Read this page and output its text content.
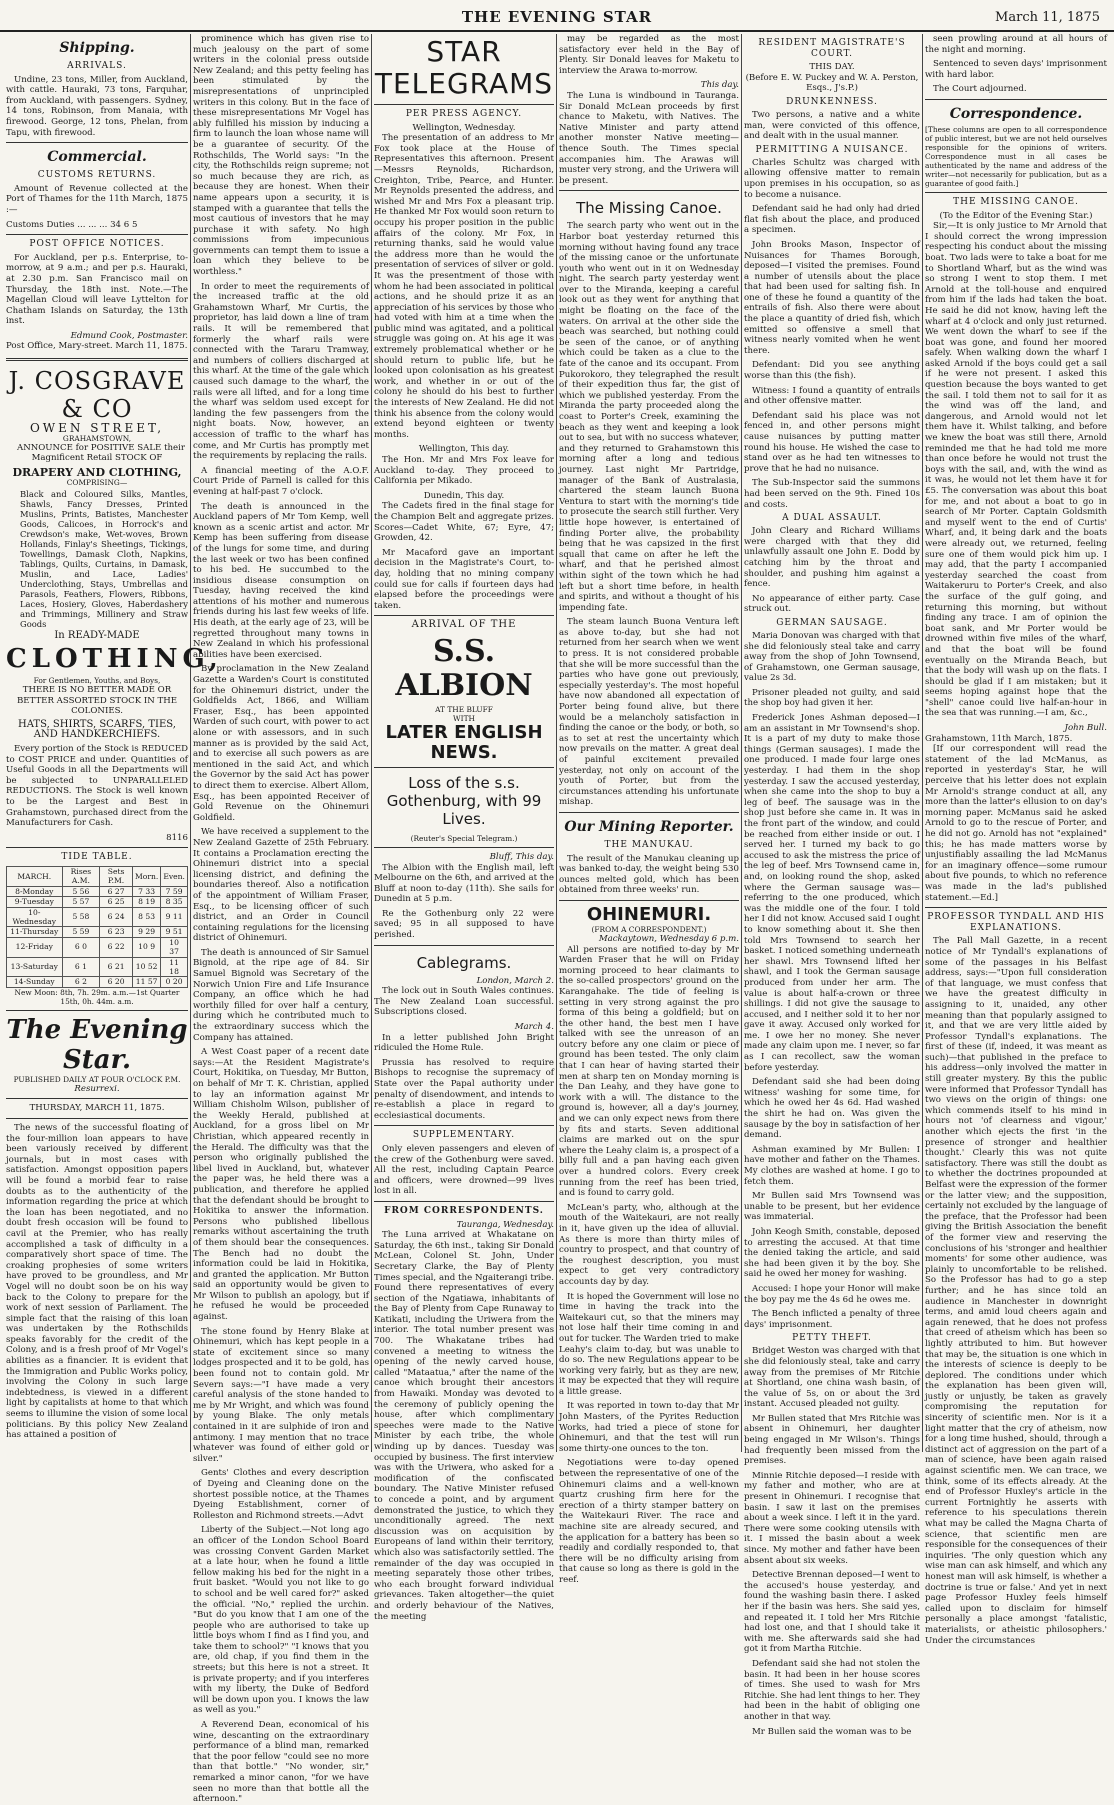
THE EVENING STAR	March 11, 1875
Shipping.
ARRIVALS.

Undine, 23 tons, Miller, from Auckland, with cattle. Hauraki, 73 tons, Farquhar, from Auckland, with passengers. Sydney, 14 tons, Robinson, from Manaia, with firewood. George, 12 tons, Phelan, from Tapu, with firewood.

Commercial.
CUSTOMS RETURNS.

Amount of Revenue collected at the Port of Thames for the 11th March, 1875 :—

Customs Duties ... ... ... 34 6 5
POST OFFICE NOTICES.

For Auckland, per p.s. Enterprise, to-morrow, at 9 a.m.; and per p.s. Hauraki, at 2.30 p.m. San Francisco mail on Thursday, the 18th inst. Note.—The Magellan Cloud will leave Lyttelton for Chatham Islands on Saturday, the 13th inst.

Edmund Cook, Postmaster.
Post Office, Mary-street. March 11, 1875.
J. COSGRAVE & CO
OWEN STREET,
GRAHAMSTOWN,

ANNOUNCE for POSITIVE SALE their Magnificent Retail STOCK OF

DRAPERY AND CLOTHING,
COMPRISING—
Black and Coloured Silks, Mantles, Shawls, Fancy Dresses, Printed Muslins, Prints, Batistes, Manchester Goods, Calicoes, in Horrock's and Crewdson's make, Wet-woves, Brown Hollands, Finlay's Sheetings, Tickings, Towellings, Damask Cloth, Napkins, Tablings, Quilts, Curtains, in Damask, Muslin, and Lace, Ladies' Underclothing, Stays, Umbrellas and Parasols, Feathers, Flowers, Ribbons, Laces, Hosiery, Gloves, Haberdashery and Trimmings, Millinery and Straw Goods
In READY-MADE
CLOTHING,
For Gentlemen, Youths, and Boys,
THERE IS NO BETTER MADE OR BETTER ASSORTED STOCK IN THE COLONIES.
HATS, SHIRTS, SCARFS, TIES, AND HANDKERCHIEFS.

Every portion of the Stock is REDUCED to COST PRICE and under. Quantities of Useful Goods in all the Departments will be subjected to UNPARALLELED REDUCTIONS. The Stock is well known to be the Largest and Best in Grahamstown, purchased direct from the Manufacturers for Cash.

8116
TIDE TABLE.
MARCH.	Rises A.M.	Sets P.M.	Morn.	Even.
8-Monday	5 56	6 27	7 33	7 59
9-Tuesday	5 57	6 25	8 19	8 35
10-Wednesday	5 58	6 24	8 53	9 11
11-Thursday	5 59	6 23	9 29	9 51
12-Friday	6 0	6 22	10 9	10 37
13-Saturday	6 1	6 21	10 52	11 18
14-Sunday	6 2	6 20	11 57	0 20
New Moon: 8th, 7h. 29m. a.m.—1st Quarter 15th, 0h. 44m. a.m.
The Evening Star.
PUBLISHED DAILY AT FOUR O'CLOCK P.M.
Resurrexi.
THURSDAY, MARCH 11, 1875.

The news of the successful floating of the four-million loan appears to have been variously received by different journals, but in most cases with satisfaction. Amongst opposition papers will be found a morbid fear to raise doubts as to the authenticity of the information regarding the price at which the loan has been negotiated, and no doubt fresh occasion will be found to cavil at the Premier, who has really accomplished a task of difficulty in a comparatively short space of time. The croaking prophesies of some writers have proved to be groundless, and Mr Vogel will no doubt soon be on his way back to the Colony to prepare for the work of next session of Parliament. The simple fact that the raising of this loan was undertaken by the Rothschilds speaks favorably for the credit of the Colony, and is a fresh proof of Mr Vogel's abilities as a financier. It is evident that the Immigration and Public Works policy, involving the Colony in such large indebtedness, is viewed in a different light by capitalists at home to that which seems to illumine the vision of some local politicians. By this policy New Zealand has attained a position of

prominence which has given rise to much jealousy on the part of some writers in the colonial press outside New Zealand; and this petty feeling has been stimulated by the misrepresentations of unprincipled writers in this colony. But in the face of these misrepresentations Mr Vogel has ably fulfilled his mission by inducing a firm to launch the loan whose name will be a guarantee of security. Of the Rothschilds, The World says: "In the city, the Rothschilds reign supreme; not so much because they are rich, as because they are honest. When their name appears upon a security, it is stamped with a guarantee that tells the most cautious of investors that he may purchase it with safety. No high commissions from impecunious governments can tempt them to issue a loan which they believe to be worthless."

In order to meet the requirements of the increased traffic at the old Grahamstown Wharf, Mr Curtis, the proprietor, has laid down a line of tram rails. It will be remembered that formerly the wharf rails were connected with the Tararu Tramway, and numbers of colliers discharged at this wharf. At the time of the gale which caused such damage to the wharf, the rails were all lifted, and for a long time the wharf was seldom used except for landing the few passengers from the night boats. Now, however, an accession of traffic to the wharf has come, and Mr Curtis has promptly met the requirements by replacing the rails.

A financial meeting of the A.O.F. Court Pride of Parnell is called for this evening at half-past 7 o'clock.

The death is announced in the Auckland papers of Mr Tom Kemp, well known as a scenic artist and actor. Mr Kemp has been suffering from disease of the lungs for some time, and during the last week or two has been confined to his bed. He succumbed to the insidious disease consumption on Tuesday, having received the kind attentions of his mother and numerous friends during his last few weeks of life. His death, at the early age of 23, will be regretted throughout many towns in New Zealand in which his professional abilities have been exercised.

By proclamation in the New Zealand Gazette a Warden's Court is constituted for the Ohinemuri district, under the Goldfields Act, 1866, and William Fraser, Esq., has been appointed Warden of such court, with power to act alone or with assessors, and in such manner as is provided by the said Act, and to exercise all such powers as are mentioned in the said Act, and which the Governor by the said Act has power to direct them to exercise. Albert Allom, Esq., has been appointed Receiver of Gold Revenue on the Ohinemuri Goldfield.

We have received a supplement to the New Zealand Gazette of 25th February. It contains a Proclamation erecting the Ohinemuri district into a special licensing district, and defining the boundaries thereof. Also a notification of the appointment of William Fraser, Esq., to be licensing officer of such district, and an Order in Council containing regulations for the licensing district of Ohinemuri.

The death is announced of Sir Samuel Bignold, at the ripe age of 84. Sir Samuel Bignold was Secretary of the Norwich Union Fire and Life Insurance Company, an office which he had worthily filled for over half a century, during which he contributed much to the extraordinary success which the Company has attained.

A West Coast paper of a recent date says:—At the Resident Magistrate's Court, Hokitika, on Tuesday, Mr Button, on behalf of Mr T. K. Christian, applied to lay an information against Mr William Chisholm Wilson, publisher of the Weekly Herald, published at Auckland, for a gross libel on Mr Christian, which appeared recently in the Herald. The difficulty was that the person who originally published the libel lived in Auckland, but, whatever the paper was, he held there was a publication, and therefore he applied that the defendant should be brought to Hokitika to answer the information. Persons who published libellous remarks without ascertaining the truth of them should bear the consequences. The Bench had no doubt the information could be laid in Hokitika, and granted the application. Mr Button said an opportunity would be given to Mr Wilson to publish an apology, but if he refused he would be proceeded against.

The stone found by Henry Blake at Ohinemuri, which has kept people in a state of excitement since so many lodges prospected and it to be gold, has been found not to contain gold. Mr Severn says:—"I have made a very careful analysis of the stone handed to me by Mr Wright, and which was found by young Blake. The only metals contained in it are sulphide of iron and antimony. I may mention that no trace whatever was found of either gold or silver."

Gents' Clothes and every description of Dyeing and Cleaning done on the shortest possible notice, at the Thames Dyeing Establishment, corner of Rolleston and Richmond streets.—Advt

Liberty of the Subject.—Not long ago an officer of the London School Board was crossing Convent Garden Market at a late hour, when he found a little fellow making his bed for the night in a fruit basket. "Would you not like to go to school and be well cared for?" asked the official. "No," replied the urchin. "But do you know that I am one of the people who are authorised to take up little boys whom I find as I find you, and take them to school?" "I knows that you are, old chap, if you find them in the streets; but this here is not a street. It is private property; and if you interferes with my liberty, the Duke of Bedford will be down upon you. I knows the law as well as you."

A Reverend Dean, economical of his wine, descanting on the extraordinary performance of a blind man, remarked that the poor fellow "could see no more than that bottle." "No wonder, sir," remarked a minor canon, "for we have seen no more than that bottle all the afternoon."

STAR TELEGRAMS
PER PRESS AGENCY.
Wellington, Wednesday.

The presentation of an address to Mr Fox took place at the House of Representatives this afternoon. Present—Messrs Reynolds, Richardson, Creighton, Tribe, Pearce, and Hunter. Mr Reynolds presented the address, and wished Mr and Mrs Fox a pleasant trip. He thanked Mr Fox would soon return to occupy his proper position in the public affairs of the colony. Mr Fox, in returning thanks, said he would value the address more than he would the presentation of services of silver or gold. It was the presentment of those with whom he had been associated in political actions, and he should prize it as an appreciation of his services by those who had voted with him at a time when the public mind was agitated, and a political struggle was going on. At his age it was extremely problematical whether or he should return to public life, but he looked upon colonisation as his greatest work, and whether in or out of the colony he should do his best to further the interests of New Zealand. He did not think his absence from the colony would extend beyond eighteen or twenty months.

Wellington, This day.

The Hon. Mr and Mrs Fox leave for Auckland to-day. They proceed to California per Mikado.

Dunedin, This day.

The Cadets fired in the final stage for the Champion Belt and aggregate prizes. Scores—Cadet White, 67; Eyre, 47; Growden, 42.

Mr Macaford gave an important decision in the Magistrate's Court, to-day, holding that no mining company could sue for calls if fourteen days had elapsed before the proceedings were taken.

ARRIVAL OF THE
S.S. ALBION
AT THE BLUFF
WITH
LATER ENGLISH NEWS.
Loss of the s.s. Gothenburg, with 99 Lives.
(Reuter's Special Telegram.)
Bluff, This day.

The Albion with the English mail, left Melbourne on the 6th, and arrived at the Bluff at noon to-day (11th). She sails for Dunedin at 5 p.m.

Re the Gothenburg only 22 were saved; 95 in all supposed to have perished.

Cablegrams.
London, March 2.

The lock out in South Wales continues. The New Zealand Loan successful. Subscriptions closed.

March 4.

In a letter published John Bright ridiculed the Home Rule.

Prussia has resolved to require Bishops to recognise the supremacy of State over the Papal authority under penalty of disendowment, and intends to re-establish a place in regard to ecclesiastical documents.

SUPPLEMENTARY.

Only eleven passengers and eleven of the crew of the Gothenburg were saved. All the rest, including Captain Pearce and officers, were drowned—99 lives lost in all.

FROM CORRESPONDENTS.
Tauranga, Wednesday.

The Luna arrived at Whakatane on Saturday, the 6th inst., taking Sir Donald McLean, Colonel St. John, Under Secretary Clarke, the Bay of Plenty Times special, and the Ngaiterangi tribe. Found there representatives of every section of the Ngatiawa, inhabitants of the Bay of Plenty from Cape Runaway to Katikati, including the Uriwera from the interior. The total number present was 700. The Whakatane tribes had convened a meeting to witness the opening of the newly carved house, called "Mataatua," after the name of the canoe which brought their ancestors from Hawaiki. Monday was devoted to the ceremony of publicly opening the house, after which complimentary speeches were made to the Native Minister by each tribe, the whole winding up by dances. Tuesday was occupied by business. The first interview was with the Uriwera, who asked for a modification of the confiscated boundary. The Native Minister refused to concede a point, and by argument demonstrated the justice, to which they unconditionally agreed. The next discussion was on acquisition by Europeans of land within their territory, which also was satisfactorily settled. The remainder of the day was occupied in meeting separately those other tribes, who each brought forward individual grievances. Taken altogether—the quiet and orderly behaviour of the Natives, the meeting

may be regarded as the most satisfactory ever held in the Bay of Plenty. Sir Donald leaves for Maketu to interview the Arawa to-morrow.

This day.

The Luna is windbound in Tauranga. Sir Donald McLean proceeds by first chance to Maketu, with Natives. The Native Minister and party attend another monster Native meeting—thence South. The Times special accompanies him. The Arawas will muster very strong, and the Uriwera will be present.

The Missing Canoe.

The search party who went out in the Harbor boat yesterday returned this morning without having found any trace of the missing canoe or the unfortunate youth who went out in it on Wednesday night. The search party yesterday went over to the Miranda, keeping a careful look out as they went for anything that might be floating on the face of the waters. On arrival at the other side the beach was searched, but nothing could be seen of the canoe, or of anything which could be taken as a clue to the fate of the canoe and its occupant. From Pukorokoro, they telegraphed the result of their expedition thus far, the gist of which we published yesterday. From the Miranda the party proceeded along the coast to Porter's Creek, examining the beach as they went and keeping a look out to sea, but with no success whatever, and they returned to Grahamstown this morning after a long and tedious journey. Last night Mr Partridge, manager of the Bank of Australasia, chartered the steam launch Buona Ventura to start with the morning's tide to prosecute the search still further. Very little hope however, is entertained of finding Porter alive, the probability being that he was capsized in the first squall that came on after he left the wharf, and that he perished almost within sight of the town which he had left but a short time before, in health and spirits, and without a thought of his impending fate.

The steam launch Buona Ventura left as above to-day, but she had not returned from her search when we went to press. It is not considered probable that she will be more successful than the parties who have gone out previously, especially yesterday's. The most hopeful have now abandoned all expectation of Porter being found alive, but there would be a melancholy satisfaction in finding the canoe or the body, or both, so as to set at rest the uncertainty which now prevails on the matter. A great deal of painful excitement prevailed yesterday, not only on account of the youth of Porter, but from the circumstances attending his unfortunate mishap.

Our Mining Reporter.
THE MANUKAU.

The result of the Manukau cleaning up was banked to-day, the weight being 530 ounces melted gold, which has been obtained from three weeks' run.

OHINEMURI.
(FROM A CORRESPONDENT.)
Mackaytown, Wednesday 6 p.m.

All persons are notified to-day by Mr Warden Fraser that he will on Friday morning proceed to hear claimants to the so-called prospectors' ground on the Karangahake. The tide of feeling is setting in very strong against the pro forma of this being a goldfield; but on the other hand, the best men I have talked with see the unreason of an outcry before any one claim or piece of ground has been tested. The only claim that I can hear of having started their men at sharp ten on Monday morning is the Dan Leahy, and they have gone to work with a will. The distance to the ground is, however, all a day's journey, and we can only expect news from there by fits and starts. Seven additional claims are marked out on the spur where the Leahy claim is, a prospect of a billy full and a pan having each given over a hundred colors. Every creek running from the reef has been tried, and is found to carry gold.

McLean's party, who, although at the mouth of the Waitekauri, are not really in it, have given up the idea of alluvial. As there is more than thirty miles of country to prospect, and that country of the roughest description, you must expect to get very contradictory accounts day by day.

It is hoped the Government will lose no time in having the track into the Waitekauri cut, so that the miners may not lose half their time coming in and out for tucker. The Warden tried to make Leahy's claim to-day, but was unable to do so. The new Regulations appear to be working very fairly, but as they are new, it may be expected that they will require a little grease.

It was reported in town to-day that Mr John Masters, of the Pyrites Reduction Works, had tried a piece of stone for Ohinemuri, and that the test will run some thirty-one ounces to the ton.

Negotiations were to-day opened between the representative of one of the Ohinemuri claims and a well-known quartz crushing firm here for the erection of a thirty stamper battery on the Waitekauri River. The race and machine site are already secured, and the application for a battery has been so readily and cordially responded to, that there will be no difficulty arising from that cause so long as there is gold in the reef.

RESIDENT MAGISTRATE'S COURT.
THIS DAY.
(Before E. W. Puckey and W. A. Perston, Esqs., J's.P.)
DRUNKENNESS.

Two persons, a native and a white man, were convicted of this offence, and dealt with in the usual manner.

PERMITTING A NUISANCE.

Charles Schultz was charged with allowing offensive matter to remain upon premises in his occupation, so as to become a nuisance.

Defendant said he had only had dried flat fish about the place, and produced a specimen.

John Brooks Mason, Inspector of Nuisances for Thames Borough, deposed—I visited the premises. Found a number of utensils about the place that had been used for salting fish. In one of these he found a quantity of the entrails of fish. Also there were about the place a quantity of dried fish, which emitted so offensive a smell that witness nearly vomited when he went there.

Defendant: Did you see anything worse than this (the fish).

Witness: I found a quantity of entrails and other offensive matter.

Defendant said his place was not fenced in, and other persons might cause nuisances by putting matter round his house. He wished the case to stand over as he had ten witnesses to prove that he had no nuisance.

The Sub-Inspector said the summons had been served on the 9th. Fined 10s and costs.

A DUAL ASSAULT.

John Cleary and Richard Williams were charged with that they did unlawfully assault one John E. Dodd by catching him by the throat and shoulder, and pushing him against a fence.

No appearance of either party. Case struck out.

GERMAN SAUSAGE.

Maria Donovan was charged with that she did feloniously steal take and carry away from the shop of John Townsend, of Grahamstown, one German sausage, value 2s 3d.

Prisoner pleaded not guilty, and said the shop boy had given it her.

Frederick Jones Ashman deposed—I am an assistant in Mr Townsend's shop. It is a part of my duty to make those things (German sausages). I made the one produced. I made four large ones yesterday. I had them in the shop yesterday. I saw the accused yesterday, when she came into the shop to buy a leg of beef. The sausage was in the shop just before she came in. It was in the front part of the window, and could be reached from either inside or out. I served her. I turned my back to go accused to ask the mistress the price of the leg of beef. Mrs Townsend came in, and, on looking round the shop, asked where the German sausage was—referring to the one produced, which was the middle one of the four. I told her I did not know. Accused said I ought to know something about it. She then told Mrs Townsend to search her basket. I noticed something underneath her shawl. Mrs Townsend lifted her shawl, and I took the German sausage produced from under her arm. The value is about half-a-crown or three shillings. I did not give the sausage to accused, and I neither sold it to her nor gave it away. Accused only worked for me. I owe her no money. She never made any claim upon me. I never, so far as I can recollect, saw the woman before yesterday.

Defendant said she had been doing witness' washing for some time, for which he owed her 4s 6d. Had washed the shirt he had on. Was given the sausage by the boy in satisfaction of her demand.

Ashman examined by Mr Bullen: I have mother and father on the Thames. My clothes are washed at home. I go to fetch them.

Mr Bullen said Mrs Townsend was unable to be present, but her evidence was immaterial.

John Keogh Smith, constable, deposed to arresting the accused. At that time the denied taking the article, and said she had been given it by the boy. She said he owed her money for washing.

Accused: I hope your Honor will make the boy pay me the 4s 6d he owes me.

The Bench inflicted a penalty of three days' imprisonment.

PETTY THEFT.

Bridget Weston was charged with that she did feloniously steal, take and carry away from the premises of Mr Ritchie at Shortland, one china wash basin, of the value of 5s, on or about the 3rd instant. Accused pleaded not guilty.

Mr Bullen stated that Mrs Ritchie was absent in Ohinemuri, her daughter being engaged in Mr Wilson's. Things had frequently been missed from the premises.

Minnie Ritchie deposed—I reside with my father and mother, who are at present in Ohinemuri. I recognise that basin. I saw it last on the premises about a week since. I left it in the yard. There were some cooking utensils with it. I missed the basin about a week since. My mother and father have been absent about six weeks.

Detective Brennan deposed—I went to the accused's house yesterday, and found the washing basin there. I asked her if the basin was hers. She said yes, and repeated it. I told her Mrs Ritchie had lost one, and that I should take it with me. She afterwards said she had got it from Martha Ritchie.

Defendant said she had not stolen the basin. It had been in her house scores of times. She used to wash for Mrs Ritchie. She had lent things to her. They had been in the habit of obliging one another in that way.

Mr Bullen said the woman was to be

seen prowling around at all hours of the night and morning.

Sentenced to seven days' imprisonment with hard labor.

The Court adjourned.

Correspondence.
[These columns are open to all correspondence of public interest, but we are not held ourselves responsible for the opinions of writers. Correspondence must in all cases be authenticated by the name and address of the writer—not necessarily for publication, but as a guarantee of good faith.]
THE MISSING CANOE.
(To the Editor of the Evening Star.)

Sir,—It is only justice to Mr Arnold that I should correct the wrong impression respecting his conduct about the missing boat. Two lads were to take a boat for me to Shortland Wharf, but as the wind was so strong I went to stop them. I met Arnold at the toll-house and enquired from him if the lads had taken the boat. He said he did not know, having left the wharf at 4 o'clock and only just returned. We went down the wharf to see if the boat was gone, and found her moored safely. When walking down the wharf I asked Arnold if the boys could get a sail if he were not present. I asked this question because the boys wanted to get the sail. I told them not to sail for it as the wind was off the land, and dangerous, and Arnold would not let them have it. Whilst talking, and before we knew the boat was still there, Arnold reminded me that he had told me more than once before he would not trust the boys with the sail, and, with the wind as it was, he would not let them have it for £5. The conversation was about this boat for me, and not about a boat to go in search of Mr Porter. Captain Goldsmith and myself went to the end of Curtis' Wharf, and, it being dark and the boats were already out, we returned, feeling sure one of them would pick him up. I may add, that the party I accompanied yesterday searched the coast from Waitakeruru to Porter's Creek, and also the surface of the gulf going, and returning this morning, but without finding any trace. I am of opinion the boat sank, and Mr Porter would be drowned within five miles of the wharf, and that the boat will be found eventually on the Miranda Beach, but that the body will wash up on the flats. I should be glad if I am mistaken; but it seems hoping against hope that the "shell" canoe could live half-an-hour in the sea that was running.—I am, &c.,

John Bull.
Grahamstown, 11th March, 1875.

[If our correspondent will read the statement of the lad McManus, as reported in yesterday's Star, he will perceive that his letter does not explain Mr Arnold's strange conduct at all, any more than the latter's ellusion to on day's morning paper. McManus said he asked Arnold to go to the rescue of Porter, and he did not go. Arnold has not "explained" this; he has made matters worse by unjustifiably assailing the lad McManus for an imaginary offence—some rumour about five pounds, to which no reference was made in the lad's published statement.—Ed.]

PROFESSOR TYNDALL AND HIS EXPLANATIONS.

The Pall Mall Gazette, in a recent notice of Mr Tyndall's explanations of some of the passages in his Belfast address, says:—"Upon full consideration of that language, we must confess that we have the greatest difficulty in assigning to it, unaided, any other meaning than that popularly assigned to it, and that we are very little aided by Professor Tyndall's explanations. The first of these (if, indeed, it was meant as such)—that published in the preface to his address—only involved the matter in still greater mystery. By this the public were informed that Professor Tyndall has two views on the origin of things: one which commends itself to his mind in hours not 'of clearness and vigour,' another which ejects the first 'in the presence of stronger and healthier thought.' Clearly this was not quite satisfactory. There was still the doubt as to whether the doctrines propounded at Belfast were the expression of the former or the latter view; and the supposition, certainly not excluded by the language of the preface, that the Professor had been giving the British Association the benefit of the former view and reserving the conclusions of his 'stronger and healthier moments' for some other audience, was plainly to uncomfortable to be relished. So the Professor has had to go a step further; and he has since told an audience in Manchester in downright terms, and amid loud cheers again and again renewed, that he does not profess that creed of atheism which has been so lightly attributed to him. But however that may be, the situation is one which in the interests of science is deeply to be deplored. The conditions under which the explanation has been given will, justly or unjustly, be taken as gravely compromising the reputation for sincerity of scientific men. Nor is it a light matter that the cry of atheism, now for a long time hushed, should, through a distinct act of aggression on the part of a man of science, have been again raised against scientific men. We can trace, we think, some of its effects already. At the end of Professor Huxley's article in the current Fortnightly he asserts with reference to his speculations therein what may be called the Magna Charta of science, that scientific men are responsible for the consequences of their inquiries. 'The only question which any wise man can ask himself, and which any honest man will ask himself, is whether a doctrine is true or false.' And yet in next page Professor Huxley feels himself called upon to disclaim for himself personally a place amongst 'fatalistic, materialists, or atheistic philosophers.' Under the circumstances
